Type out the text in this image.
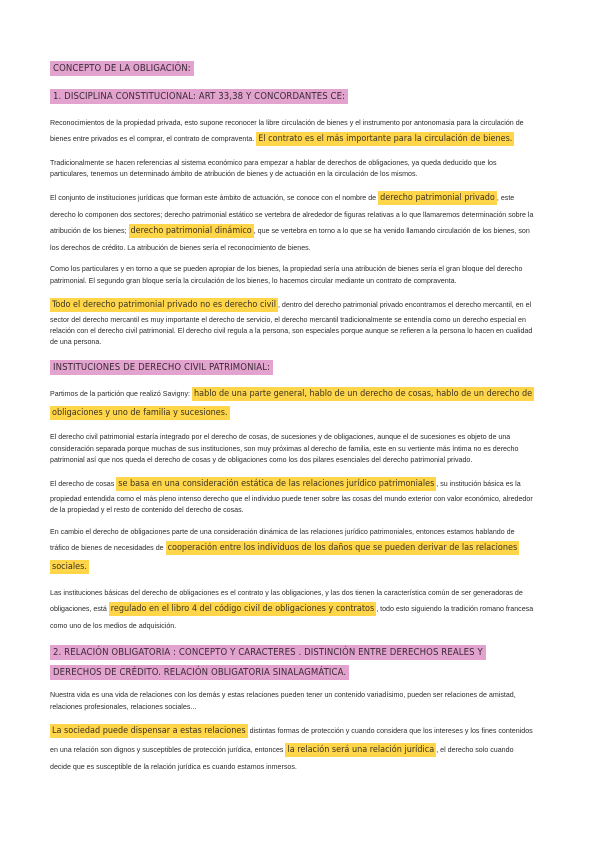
CONCEPTO DE LA OBLIGACIÓN:
1. DISCIPLINA CONSTITUCIONAL: ART 33,38 Y CONCORDANTES CE:

Reconocimientos de la propiedad privada, esto supone reconocer la libre circulación de bienes y el instrumento por antonomasia para la circulación de bienes entre privados es el comprar, el contrato de compraventa. El contrato es el más importante para la circulación de bienes.

Tradicionalmente se hacen referencias al sistema económico para empezar a hablar de derechos de obligaciones, ya queda deducido que los particulares, tenemos un determinado ámbito de atribución de bienes y de actuación en la circulación de los mismos.

El conjunto de instituciones jurídicas que forman este ámbito de actuación, se conoce con el nombre de derecho patrimonial privado , este derecho lo componen dos sectores; derecho patrimonial estático se vertebra de alrededor de figuras relativas a lo que llamaremos determinación sobre la atribución de los bienes; derecho patrimonial dinámico , que se vertebra en torno a lo que se ha venido llamando circulación de los bienes, son los derechos de crédito. La atribución de bienes sería el reconocimiento de bienes.

Como los particulares y en torno a que se pueden apropiar de los bienes, la propiedad sería una atribución de bienes sería el gran bloque del derecho patrimonial. El segundo gran bloque sería la circulación de los bienes, lo hacemos circular mediante un contrato de compraventa.

Todo el derecho patrimonial privado no es derecho civil , dentro del derecho patrimonial privado encontramos el derecho mercantil, en el sector del derecho mercantil es muy importante el derecho de servicio, el derecho mercantil tradicionalmente se entendía como un derecho especial en relación con el derecho civil patrimonial. El derecho civil regula a la persona, son especiales porque aunque se refieren a la persona lo hacen en cualidad de una persona.

INSTITUCIONES DE DERECHO CIVIL PATRIMONIAL:

Partimos de la partición que realizó Savigny: hablo de una parte general, hablo de un derecho de cosas, hablo de un derecho de obligaciones y uno de familia y sucesiones.

El derecho civil patrimonial estaría integrado por el derecho de cosas, de sucesiones y de obligaciones, aunque el de sucesiones es objeto de una consideración separada porque muchas de sus instituciones, son muy próximas al derecho de familia, este en su vertiente más íntima no es derecho patrimonial así que nos queda el derecho de cosas y de obligaciones como los dos pilares esenciales del derecho patrimonial privado.

El derecho de cosas se basa en una consideración estática de las relaciones jurídico patrimoniales , su institución básica es la propiedad entendida como el más pleno intenso derecho que el individuo puede tener sobre las cosas del mundo exterior con valor económico, alrededor de la propiedad y el resto de contenido del derecho de cosas.

En cambio el derecho de obligaciones parte de una consideración dinámica de las relaciones jurídico patrimoniales, entonces estamos hablando de tráfico de bienes de necesidades de cooperación entre los individuos de los daños que se pueden derivar de las relaciones sociales.

Las instituciones básicas del derecho de obligaciones es el contrato y las obligaciones, y las dos tienen la característica común de ser generadoras de obligaciones, está regulado en el libro 4 del código civil de obligaciones y contratos , todo esto siguiendo la tradición romano francesa como uno de los medios de adquisición.

2. RELACIÓN OBLIGATORIA : CONCEPTO Y CARACTERES . DISTINCIÓN ENTRE DERECHOS REALES Y DERECHOS DE CRÉDITO. RELACIÓN OBLIGATORIA SINALAGMÁTICA.

Nuestra vida es una vida de relaciones con los demás y estas relaciones pueden tener un contenido variadísimo, pueden ser relaciones de amistad, relaciones profesionales, relaciones sociales...

La sociedad puede dispensar a estas relaciones distintas formas de protección y cuando considera que los intereses y los fines contenidos en una relación son dignos y susceptibles de protección jurídica, entonces la relación será una relación jurídica , el derecho solo cuando decide que es susceptible de la relación jurídica es cuando estamos inmersos.
